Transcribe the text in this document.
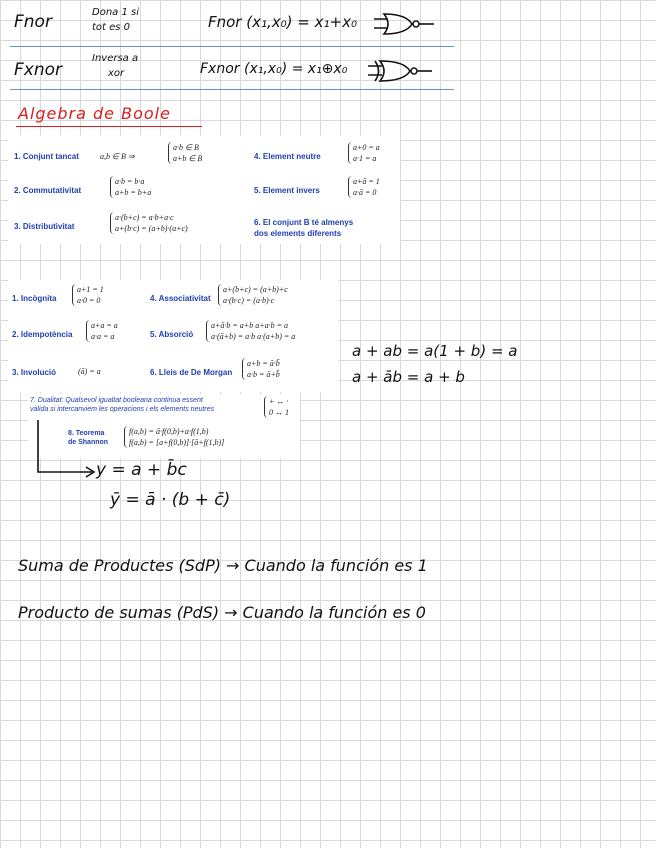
Fnor	Dona 1 si
tot es 0	Fnor (x₁,x₀) = x₁+x₀
Fxnor
Inversa a
xor	Fxnor (x₁,x₀) = x₁⊕x₀
Algebra de Boole
1. Conjunt tancat	a,b ∈ B ⇒
a·b ∈ B
a+b ∈ B
2. Commutativitat
a·b = b·a
a+b = b+a
3. Distributivitat
a·(b+c) = a·b+a·c
a+(b·c) = (a+b)·(a+c)
4. Element neutre
a+0 = a
a·1 = a
5. Element invers
a+ā = 1
a·ā = 0
6. El conjunt B té almenys
dos elements diferents
1. Incògnita
a+1 = 1
a·0 = 0
2. Idempotència
a+a = a
a·a = a
3. Involució	(ā) = a
4. Associativitat
a+(b+c) = (a+b)+c
a·(b·c) = (a·b)·c
5. Absorció
a+ā·b = a+b a+a·b = a
a·(ā+b) = a·b a·(a+b) = a
6. Lleis de De Morgan
a+b = ā·b̄
a·b = ā+b̄
7. Dualitat: Qualsevol igualtat booleana continua essent
vàlida si intercanviem les operacions i els elements neutres
+ ↔ ·
0 ↔ 1
8. Teorema
de Shannon
f(a,b) = ā·f(0,b)+a·f(1,b)
f(a,b) = [a+f(0,b)]·[ā+f(1,b)]
a + ab = a(1 + b) = a
a + āb = a + b
y = a + b̄c
ȳ = ā · (b + c̄)
Suma de Productes (SdP) → Cuando la función es 1
Producto de sumas (PdS) → Cuando la función es 0
